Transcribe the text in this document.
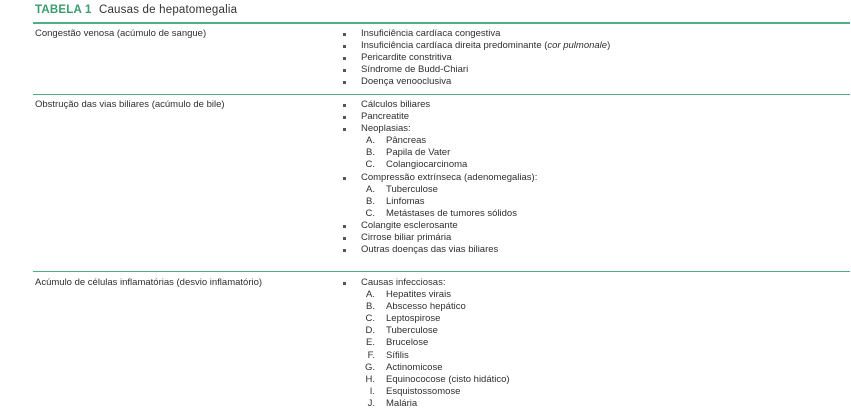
TABELA 1 Causas de hepatomegalia
Congestão venosa (acúmulo de sangue)	Insuficiência cardíaca congestiva
Insuficiência cardíaca direita predominante (cor pulmonale)
Pericardite constritiva
Síndrome de Budd-Chiari
Doença venooclusiva
Obstrução das vias biliares (acúmulo de bile)	Cálculos biliares
Pancreatite
Neoplasias:
A.	Pâncreas
B.	Papila de Vater
C.	Colangiocarcinoma
Compressão extrínseca (adenomegalias):
A.	Tuberculose
B.	Linfomas
C.	Metástases de tumores sólidos
Colangite esclerosante
Cirrose biliar primária
Outras doenças das vias biliares
Acúmulo de células inflamatórias (desvio inflamatório)	Causas infecciosas:
A.	Hepatites virais
B.	Abscesso hepático
C.	Leptospirose
D.	Tuberculose
E.	Brucelose
F.	Sífilis
G.	Actinomicose
H.	Equinococose (cisto hidático)
I.	Esquistossomose
J.	Malária
